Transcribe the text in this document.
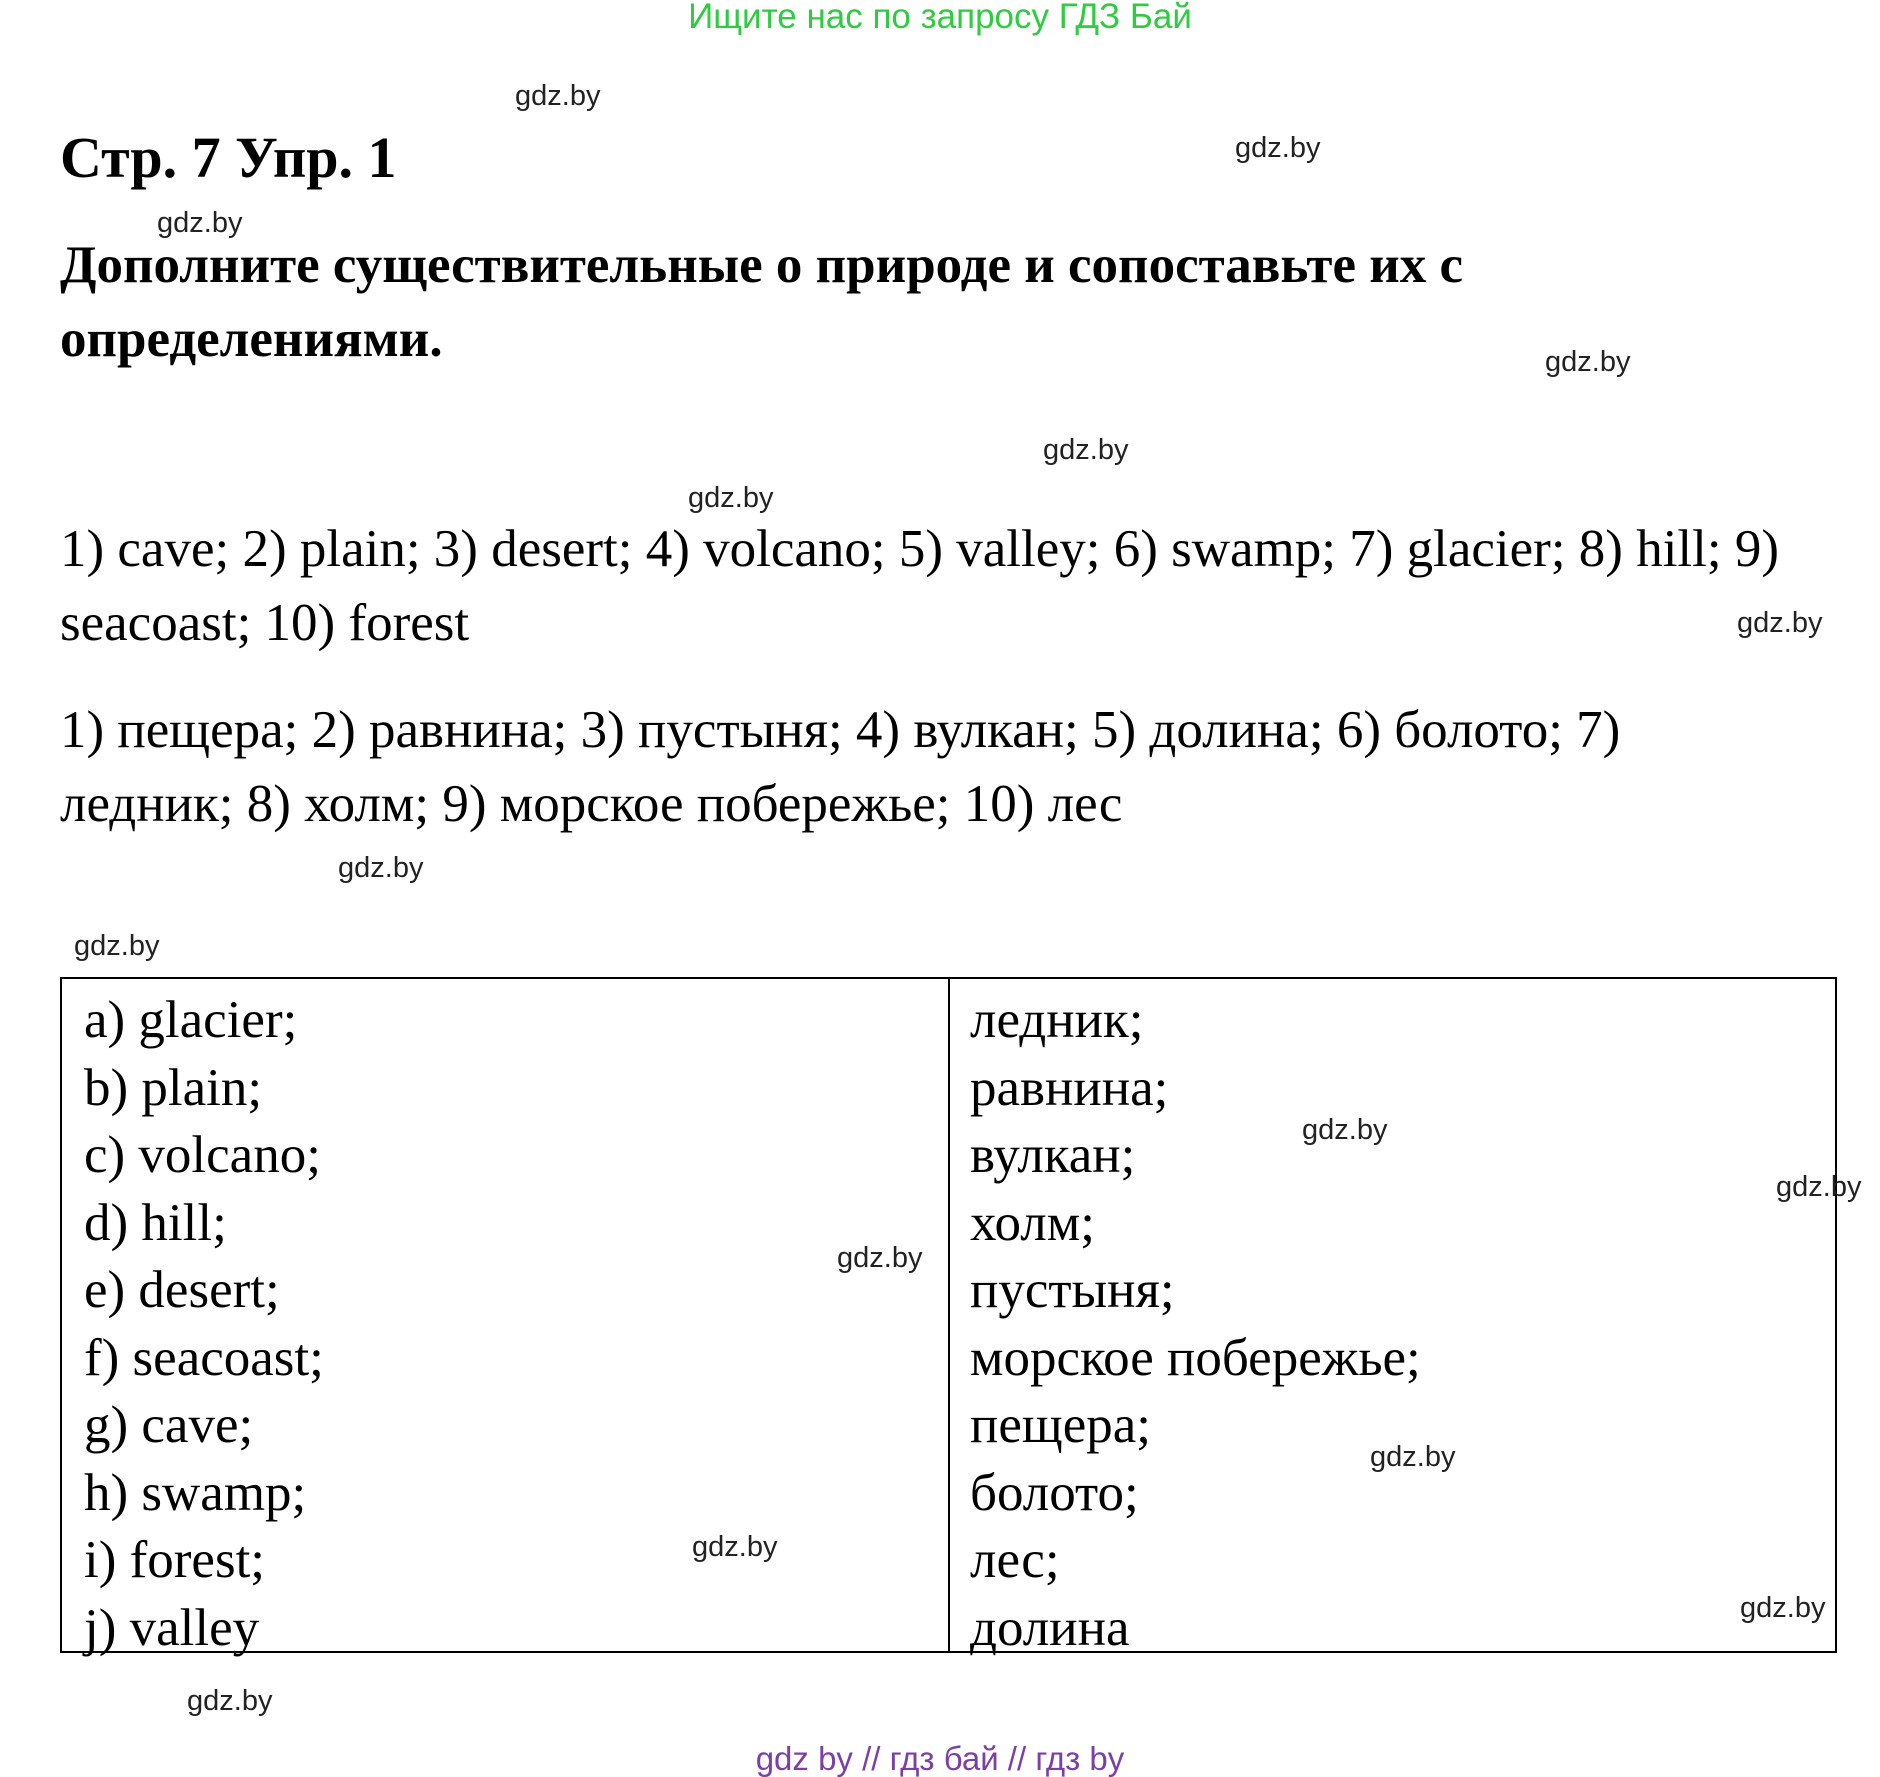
Ищите нас по запросу ГДЗ Бай
Стр. 7 Упр. 1

Дополните существительные о природе и сопоставьте их с определениями.

1) cave; 2) plain; 3) desert; 4) volcano; 5) valley; 6) swamp; 7) glacier; 8) hill; 9) seacoast; 10) forest

1) пещера; 2) равнина; 3) пустыня; 4) вулкан; 5) долина; 6) болото; 7) ледник; 8) холм; 9) морское побережье; 10) лес

a) glacier;
b) plain;
c) volcano;
d) hill;
e) desert;
f) seacoast;
g) cave;
h) swamp;
i) forest;
j) valley
ледник;
равнина;
вулкан;
холм;
пустыня;
морское побережье;
пещера;
болото;
лес;
долина
gdz.by
gdz.by
gdz.by
gdz.by
gdz.by
gdz.by
gdz.by
gdz.by
gdz.by
gdz.by
gdz.by
gdz.by
gdz.by
gdz.by
gdz.by
gdz.by
gdz by // гдз бай // гдз by
